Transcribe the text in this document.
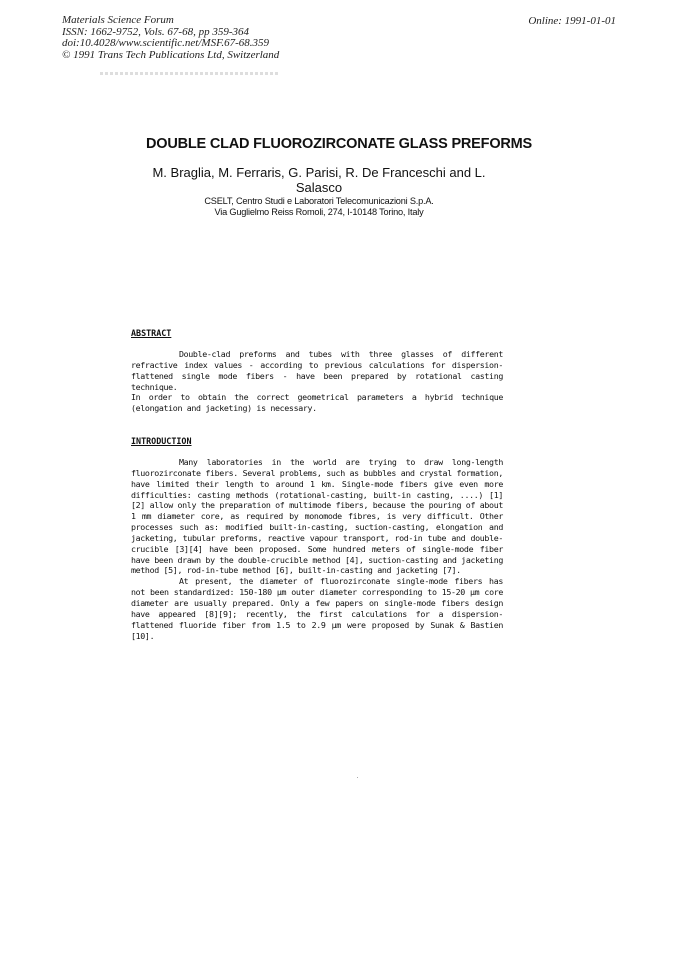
Materials Science Forum
ISSN: 1662-9752, Vols. 67-68, pp 359-364
doi:10.4028/www.scientific.net/MSF.67-68.359
© 1991 Trans Tech Publications Ltd, Switzerland
Online: 1991-01-01
DOUBLE CLAD FLUOROZIRCONATE GLASS PREFORMS
M. Braglia, M. Ferraris, G. Parisi, R. De Franceschi and L. Salasco
CSELT, Centro Studi e Laboratori Telecomunicazioni S.p.A.
Via Guglielmo Reiss Romoli, 274, I-10148 Torino, Italy
ABSTRACT

Double-clad preforms and tubes with three glasses of different refractive index values - according to previous calculations for dispersion-flattened single mode fibers - have been prepared by rotational casting technique.

In order to obtain the correct geometrical parameters a hybrid technique (elongation and jacketing) is necessary.

INTRODUCTION

Many laboratories in the world are trying to draw long-length fluorozirconate fibers. Several problems, such as bubbles and crystal formation, have limited their length to around 1 km. Single-mode fibers give even more difficulties: casting methods (rotational-casting, built-in casting, ....) [1] [2] allow only the preparation of multimode fibers, because the pouring of about 1 mm diameter core, as required by monomode fibres, is very difficult. Other processes such as: modified built-in-casting, suction-casting, elongation and jacketing, tubular preforms, reactive vapour transport, rod-in tube and double-crucible [3][4] have been proposed. Some hundred meters of single-mode fiber have been drawn by the double-crucible method [4], suction-casting and jacketing method [5], rod-in-tube method [6], built-in-casting and jacketing [7].

At present, the diameter of fluorozirconate single-mode fibers has not been standardized: 150-180 µm outer diameter corresponding to 15-20 µm core diameter are usually prepared. Only a few papers on single-mode fibers design have appeared [8][9]; recently, the first calculations for a dispersion-flattened fluoride fiber from 1.5 to 2.9 µm were proposed by Sunak & Bastien [10].
